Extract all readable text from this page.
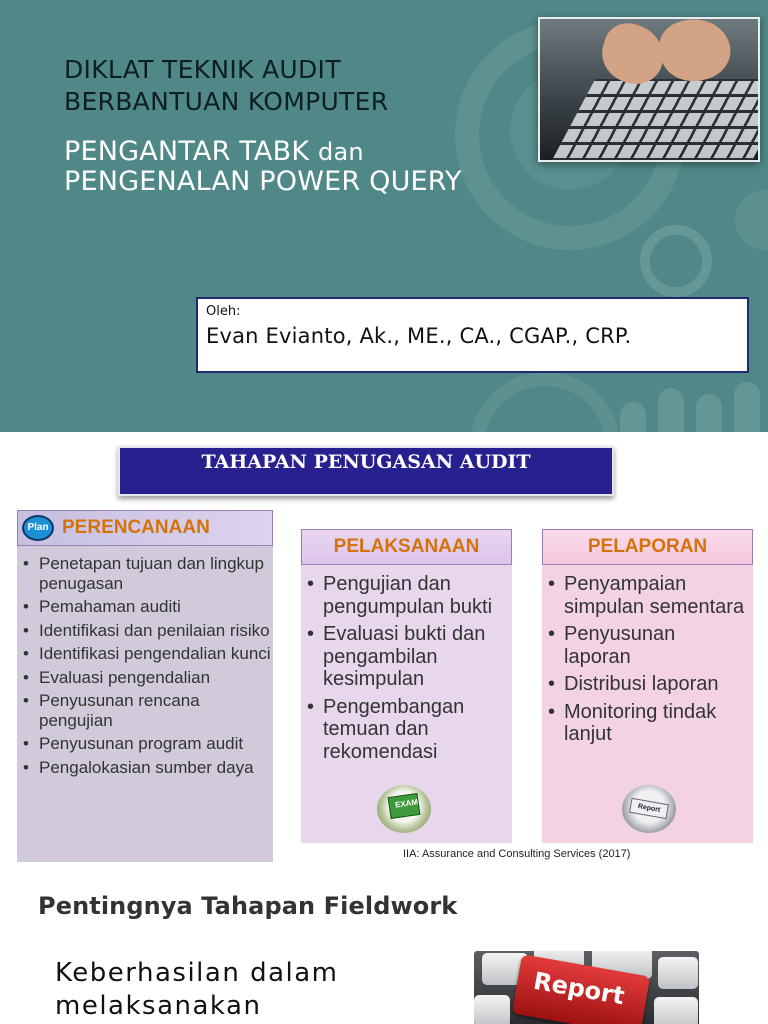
DIKLAT TEKNIK AUDIT
BERBANTUAN KOMPUTER
PENGANTAR TABK dan
PENGENALAN POWER QUERY
Oleh:
Evan Evianto, Ak., ME., CA., CGAP., CRP.
TAHAPAN PENUGASAN AUDIT
Plan PERENCANAAN
• Penetapan tujuan dan lingkup penugasan
• Pemahaman auditi
• Identifikasi dan penilaian risiko
• Identifikasi pengendalian kunci
• Evaluasi pengendalian
• Penyusunan rencana pengujian
• Penyusunan program audit
• Pengalokasian sumber daya
PELAKSANAAN
• Pengujian dan pengumpulan bukti
• Evaluasi bukti dan pengambilan kesimpulan
• Pengembangan temuan dan rekomendasi
EXAM
PELAPORAN
• Penyampaian simpulan sementara
• Penyusunan laporan
• Distribusi laporan
• Monitoring tindak lanjut
Report
IIA: Assurance and Consulting Services (2017)
Pentingnya Tahapan Fieldwork
Keberhasilan dalam melaksanakan	Report
